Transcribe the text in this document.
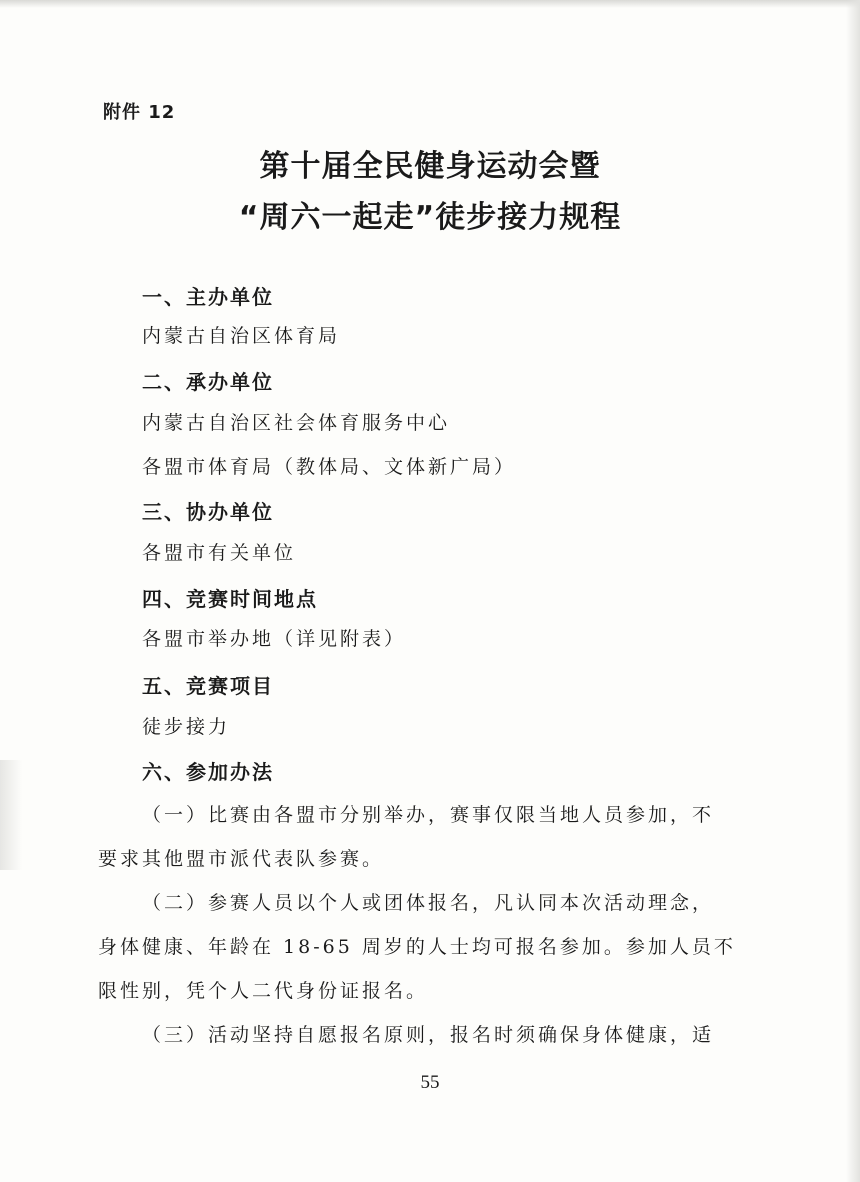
附件 12
第十届全民健身运动会暨
“周六一起走”徒步接力规程
一、主办单位
内蒙古自治区体育局
二、承办单位
内蒙古自治区社会体育服务中心
各盟市体育局（教体局、文体新广局）
三、协办单位
各盟市有关单位
四、竞赛时间地点
各盟市举办地（详见附表）
五、竞赛项目
徒步接力
六、参加办法
（一）比赛由各盟市分别举办，赛事仅限当地人员参加，不
要求其他盟市派代表队参赛。
（二）参赛人员以个人或团体报名，凡认同本次活动理念，
身体健康、年龄在 18-65 周岁的人士均可报名参加。参加人员不
限性别，凭个人二代身份证报名。
（三）活动坚持自愿报名原则，报名时须确保身体健康，适
55
